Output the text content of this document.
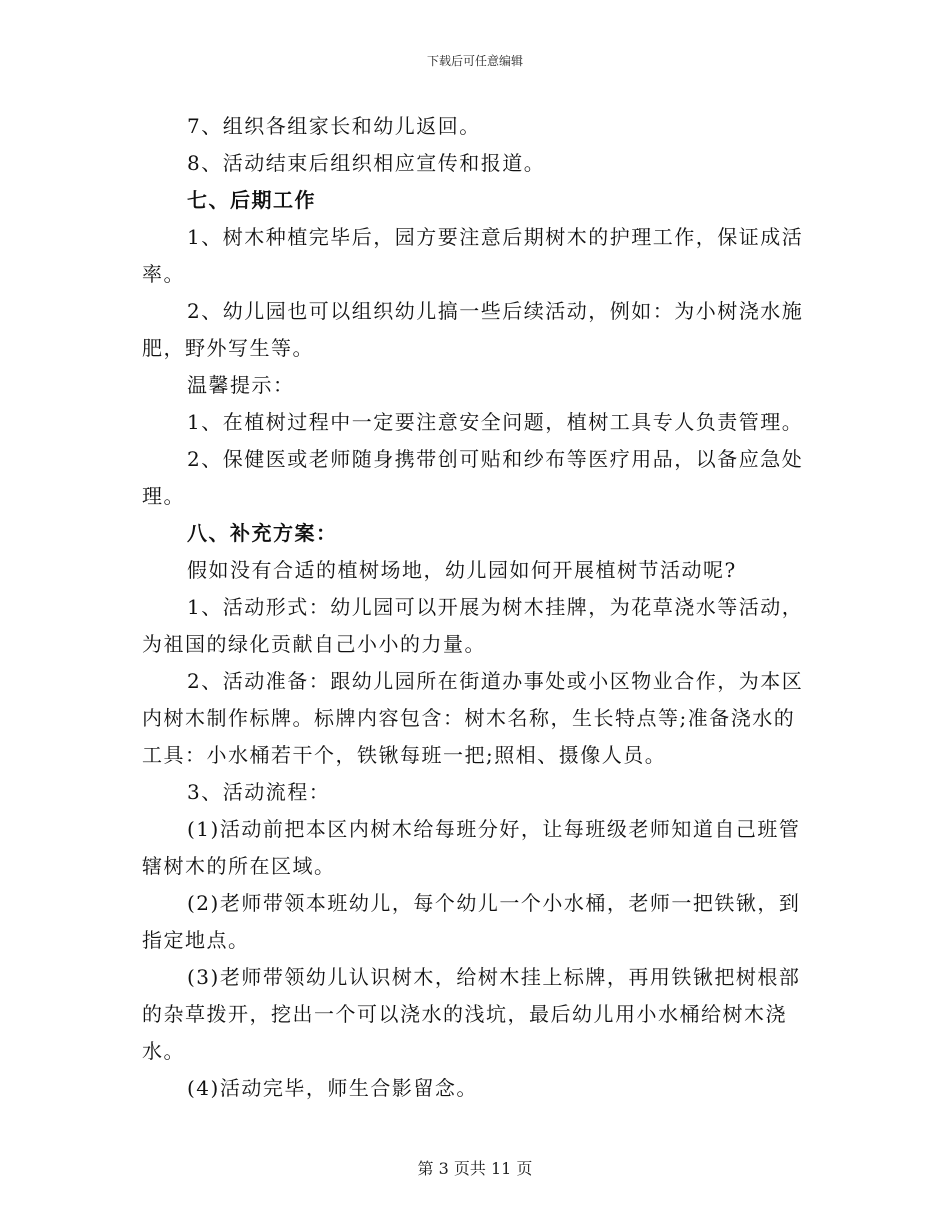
下载后可任意编辑

7、组织各组家长和幼儿返回。

8、活动结束后组织相应宣传和报道。

七、后期工作

1、树木种植完毕后，园方要注意后期树木的护理工作，保证成活率。

2、幼儿园也可以组织幼儿搞一些后续活动，例如：为小树浇水施肥，野外写生等。

温馨提示：

1、在植树过程中一定要注意安全问题，植树工具专人负责管理。

2、保健医或老师随身携带创可贴和纱布等医疗用品，以备应急处理。

八、补充方案：

假如没有合适的植树场地，幼儿园如何开展植树节活动呢?

1、活动形式：幼儿园可以开展为树木挂牌，为花草浇水等活动，为祖国的绿化贡献自己小小的力量。

2、活动准备：跟幼儿园所在街道办事处或小区物业合作，为本区内树木制作标牌。标牌内容包含：树木名称，生长特点等;准备浇水的工具：小水桶若干个，铁锹每班一把;照相、摄像人员。

3、活动流程：

(1)活动前把本区内树木给每班分好，让每班级老师知道自己班管辖树木的所在区域。

(2)老师带领本班幼儿，每个幼儿一个小水桶，老师一把铁锹，到指定地点。

(3)老师带领幼儿认识树木，给树木挂上标牌，再用铁锹把树根部的杂草拨开，挖出一个可以浇水的浅坑，最后幼儿用小水桶给树木浇水。

(4)活动完毕，师生合影留念。

第 3 页共 11 页
